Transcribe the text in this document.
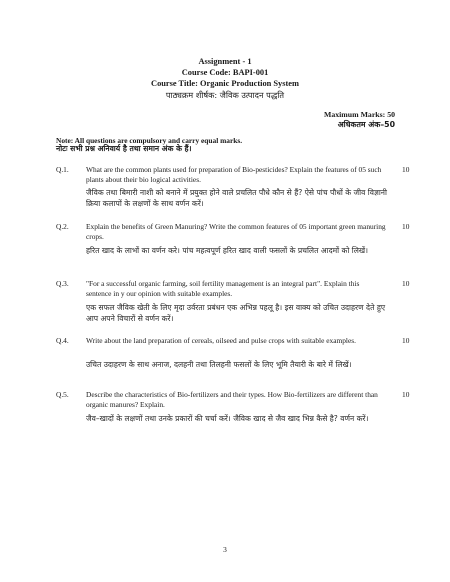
Assignment - 1
Course Code: BAPI-001
Course Title: Organic Production System
पाठ्यक्रम शीर्षक: जैविक उत्पादन पद्धति
Maximum Marks: 50
अधिकतम अंक–50
Note: All questions are compulsory and carry equal marks.
नोटः सभी प्रश्न अनिवार्य है तथा समान अंक के हैं।
Q.1. What are the common plants used for preparation of Bio-pesticides? Explain the features of 05 such plants about their bio logical activities.
10
जैविक तथा बिमारी नाशी को बनाने में प्रयुक्त होने वाले प्रचलित पौधे कौन से हैं? ऐसे पांच पौधों के जीव विज्ञानी क्रिया कलापों के लक्षणों के साथ वर्णन करें।
Q.2. Explain the benefits of Green Manuring? Write the common features of 05 important green manuring crops.
10
हरित खाद के लाभों का वर्णन करे। पांच महत्वपूर्ण हरित खाद वाली फसलों के प्रचलित आदमों को लिखें।
Q.3. "For a successful organic farming, soil fertility management is an integral part". Explain this sentence in y our opinion with suitable examples.
10
एक सफल जैविक खेती के लिए मृदा उर्वरता प्रबंधन एक अभिन्न पहलू है। इस वाक्य को उचित उदाहरण देते हुए आप अपने विचारों से वर्णन करें।
Q.4. Write about the land preparation of cereals, oilseed and pulse crops with suitable examples.	10
उचित उदाहरण के साथ अनाज, दलहनी तथा तिलहनी फसलों के लिए भूमि तैयारी के बारे में लिखें।
Q.5. Describe the characteristics of Bio-fertilizers and their types. How Bio-fertilizers are different than organic manures? Explain.
10
जैव–खादों के लक्षणों तथा उनके प्रकारों की चर्चा करें। जैविक खाद से जैव खाद भिन्न कैसे है? वर्णन करें।
3
